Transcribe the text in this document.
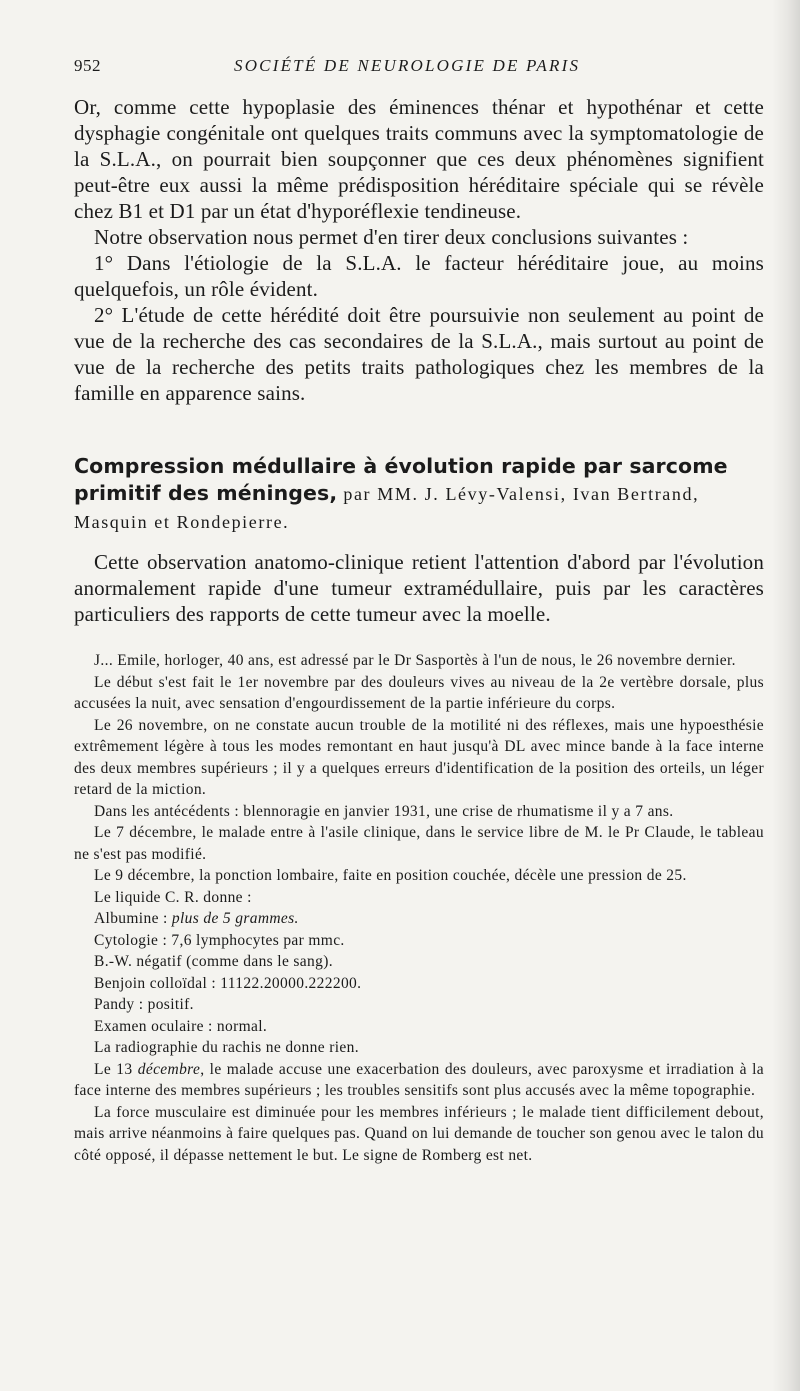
952	SOCIÉTÉ DE NEUROLOGIE DE PARIS

Or, comme cette hypoplasie des éminences thénar et hypothénar et cette dysphagie congénitale ont quelques traits communs avec la symptomatologie de la S.L.A., on pourrait bien soupçonner que ces deux phénomènes signifient peut-être eux aussi la même prédisposition héréditaire spéciale qui se révèle chez B1 et D1 par un état d'hyporéflexie tendineuse.

Notre observation nous permet d'en tirer deux conclusions suivantes :

1° Dans l'étiologie de la S.L.A. le facteur héréditaire joue, au moins quelquefois, un rôle évident.

2° L'étude de cette hérédité doit être poursuivie non seulement au point de vue de la recherche des cas secondaires de la S.L.A., mais surtout au point de vue de la recherche des petits traits pathologiques chez les membres de la famille en apparence sains.

Compression médullaire à évolution rapide par sarcome primitif des méninges, par MM. J. Lévy-Valensi, Ivan Bertrand, Masquin et Rondepierre.

Cette observation anatomo-clinique retient l'attention d'abord par l'évolution anormalement rapide d'une tumeur extramédullaire, puis par les caractères particuliers des rapports de cette tumeur avec la moelle.

J... Emile, horloger, 40 ans, est adressé par le Dr Sasportès à l'un de nous, le 26 novembre dernier.

Le début s'est fait le 1er novembre par des douleurs vives au niveau de la 2e vertèbre dorsale, plus accusées la nuit, avec sensation d'engourdissement de la partie inférieure du corps.

Le 26 novembre, on ne constate aucun trouble de la motilité ni des réflexes, mais une hypoesthésie extrêmement légère à tous les modes remontant en haut jusqu'à DL avec mince bande à la face interne des deux membres supérieurs ; il y a quelques erreurs d'identification de la position des orteils, un léger retard de la miction.

Dans les antécédents : blennoragie en janvier 1931, une crise de rhumatisme il y a 7 ans.

Le 7 décembre, le malade entre à l'asile clinique, dans le service libre de M. le Pr Claude, le tableau ne s'est pas modifié.

Le 9 décembre, la ponction lombaire, faite en position couchée, décèle une pression de 25.

Le liquide C. R. donne :

Albumine : plus de 5 grammes.

Cytologie : 7,6 lymphocytes par mmc.

B.-W. négatif (comme dans le sang).

Benjoin colloïdal : 11122.20000.222200.

Pandy : positif.

Examen oculaire : normal.

La radiographie du rachis ne donne rien.

Le 13 décembre, le malade accuse une exacerbation des douleurs, avec paroxysme et irradiation à la face interne des membres supérieurs ; les troubles sensitifs sont plus accusés avec la même topographie.

La force musculaire est diminuée pour les membres inférieurs ; le malade tient difficilement debout, mais arrive néanmoins à faire quelques pas. Quand on lui demande de toucher son genou avec le talon du côté opposé, il dépasse nettement le but. Le signe de Romberg est net.
